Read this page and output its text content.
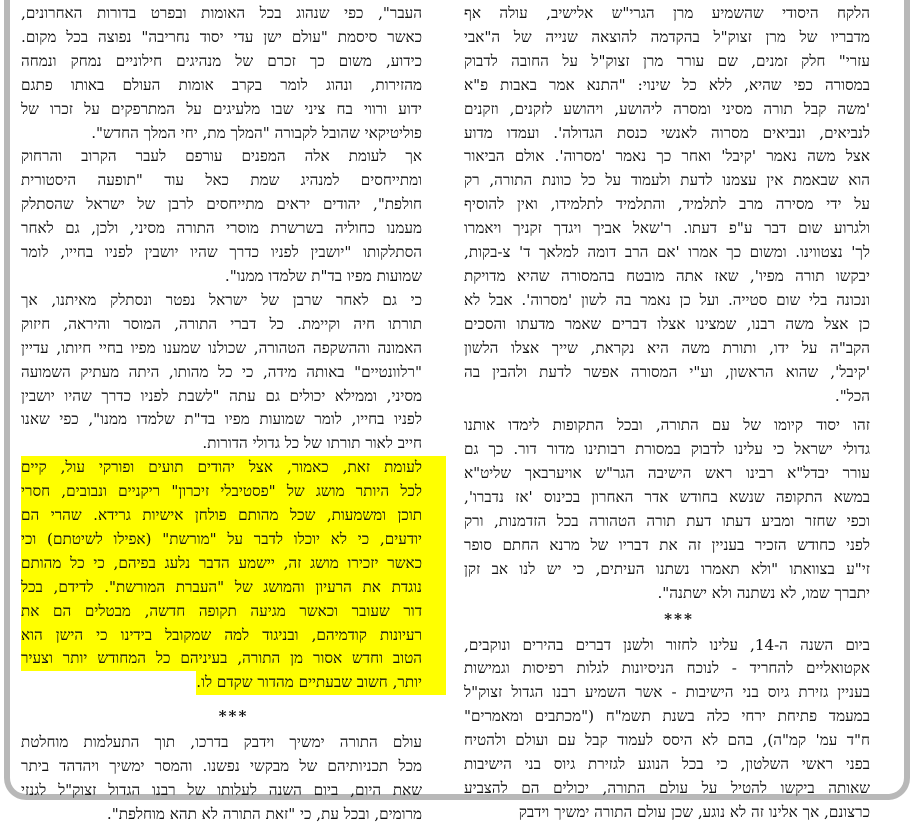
הלקח היסודי שהשמיע מרן הגרי"ש אלישיב, עולה אף
מדבריו של מרן זצוק"ל בהקדמה להוצאה שנייה של ה"אבי
עזרי" חלק זמנים, שם עורר מרן זצוק"ל על החובה לדבוק
במסורה כפי שהיא, ללא כל שינוי: "התנא אמר באבות פ"א
'משה קבל תורה מסיני ומסרה ליהושע, ויהושע לזקנים, וזקנים
לנביאים, ונביאים מסרוה לאנשי כנסת הגדולה'. ועמדו מדוע
אצל משה נאמר 'קיבל' ואחר כך נאמר 'מסרוה'. אולם הביאור
הוא שבאמת אין עצמנו לדעת ולעמוד על כל כוונת התורה, רק
על ידי מסירה מרב לתלמיד, והתלמיד לתלמידו, ואין להוסיף
ולגרוע שום דבר ע"פ דעתו. ר'שאל אביך ויגדך זקניך ויאמרו
לך' נצטווינו. ומשום כך אמרו 'אם הרב דומה למלאך ד' צ-בקות,
יבקשו תורה מפיו', שאז אתה מובטח בהמסורה שהיא מדויקת
ונכונה בלי שום סטייה. ועל כן נאמר בה לשון 'מסרוה'. אבל לא
כן אצל משה רבנו, שמצינו אצלו דברים שאמר מדעתו והסכים
הקב"ה על ידו, ותורת משה היא נקראת, שייך אצלו הלשון
'קיבל', שהוא הראשון, וע"י המסורה אפשר לדעת ולהבין בה
הכל".

זהו יסוד קיומו של עם התורה, ובכל התקופות לימדו אותנו
גדולי ישראל כי עלינו לדבוק במסורת רבותינו מדור דור. כך גם
עורר יבדל"א רבינו ראש הישיבה הגר"ש אויערבאך שליט"א
במשא התקופה שנשא בחודש אדר האחרון בכינוס 'אז נדברו',
וכפי שחזר ומביע דעתו דעת תורה הטהורה בכל הזדמנות, ורק
לפני כחודש הזכיר בעניין זה את דבריו של מרנא החתם סופר
זי"ע בצוואתו "ולא תאמרו נשתנו העיתים, כי יש לנו אב זקן
יתברך שמו, לא נשתנה ולא ישתנה".

***

ביום השנה ה-14, עלינו לחזור ולשנן דברים בהירים ונוקבים,
אקטואליים להחריד - לנוכח הניסיונות לגלות רפיסות וגמישות
בעניין גזירת גיוס בני הישיבות - אשר השמיע רבנו הגדול זצוק"ל
במעמד פתיחת ירחי כלה בשנת תשמ"ח ("מכתבים ומאמרים"
ח"ד עמ' קמ"ה), בהם לא היסס לעמוד קבל עם ועולם ולהטיח
בפני ראשי השלטון, כי בכל הנוגע לגזירת גיוס בני הישיבות
שאותה ביקשו להטיל על עולם התורה, יכולים הם להצביע
כרצונם, אך אלינו זה לא נוגע, שכן עולם התורה ימשיך וידבק

העבר", כפי שנהוג בכל האומות ובפרט בדורות האחרונים,
כאשר סיסמת "עולם ישן עדי יסוד נחריבה" נפוצה בכל מקום.
כידוע, משום כך זכרם של מנהיגים חילוניים נמחק ונמחה
מהזירות, ונהוג לומר בקרב אומות העולם באותו פתגם
ידוע ורווי בח ציני שבו מלעיגים על המתרפקים על זכרו של
פוליטיקאי שהובל לקבורה "המלך מת, יחי המלך החדש".

אך לעומת אלה המפנים עורפם לעבר הקרוב והרחוק
ומתייחסים למנהיג שמת כאל עוד "תופעה היסטורית
חולפת", יהודים יראים מתייחסים לרבן של ישראל שהסתלק
מעמנו כחוליה בשרשרת מוסרי התורה מסיני, ולכן, גם לאחר
הסתלקותו "יושבין לפניו כדרך שהיו יושבין לפניו בחייו, לומר
שמועות מפיו בד"ת שלמדו ממנו".

כי גם לאחר שרבן של ישראל נפטר ונסתלק מאיתנו, אך
תורתו חיה וקיימת. כל דברי התורה, המוסר והיראה, חיזוק
האמונה וההשקפה הטהורה, שכולנו שמענו מפיו בחיי חיותו, עדיין
"רלוונטיים" באותה מידה, כי כל מהותו, היתה מעתיק השמועה
מסיני, וממילא יכולים גם עתה "לשבת לפניו כדרך שהיו יושבין
לפניו בחייו, לומר שמועות מפיו בד"ת שלמדו ממנו", כפי שאנו
חייב לאור תורתו של כל גדולי הדורות.

לעומת זאת, כאמור, אצל יהודים תועים ופורקי עול, קיים
לכל היותר מושג של "פסטיבלי זיכרון" ריקניים ונבובים, חסרי
תוכן ומשמעות, שכל מהותם פולחן אישיות גרידא. שהרי הם
יודעים, כי לא יוכלו לדבר על "מורשת" (אפילו לשיטתם) וכי
כאשר יזכירו מושג זה, יישמע הדבר נלעג בפיהם, כי כל מהותם
נוגדת את הרעיון והמושג של "העברת המורשת". לדידם, בכל
דור שעובר וכאשר מגיעה תקופה חדשה, מבטלים הם את
רעיונות קודמיהם, ובניגוד למה שמקובל בידינו כי הישן הוא
הטוב וחדש אסור מן התורה, בעיניהם כל המחודש יותר וצעיר
יותר, חשוב שבעתיים מהדור שקדם לו.

***

עולם התורה ימשיך וידבק בדרכו, תוך התעלמות מוחלטת
מכל תכניותיהם של מבקשי נפשנו. והמסר ימשיך ויהדהד ביתר
שאת היום, ביום השנה לעלותו של רבנו הגדול זצוק"ל לגנזי
מרומים, ובכל עת, כי "זאת התורה לא תהא מוחלפת".
